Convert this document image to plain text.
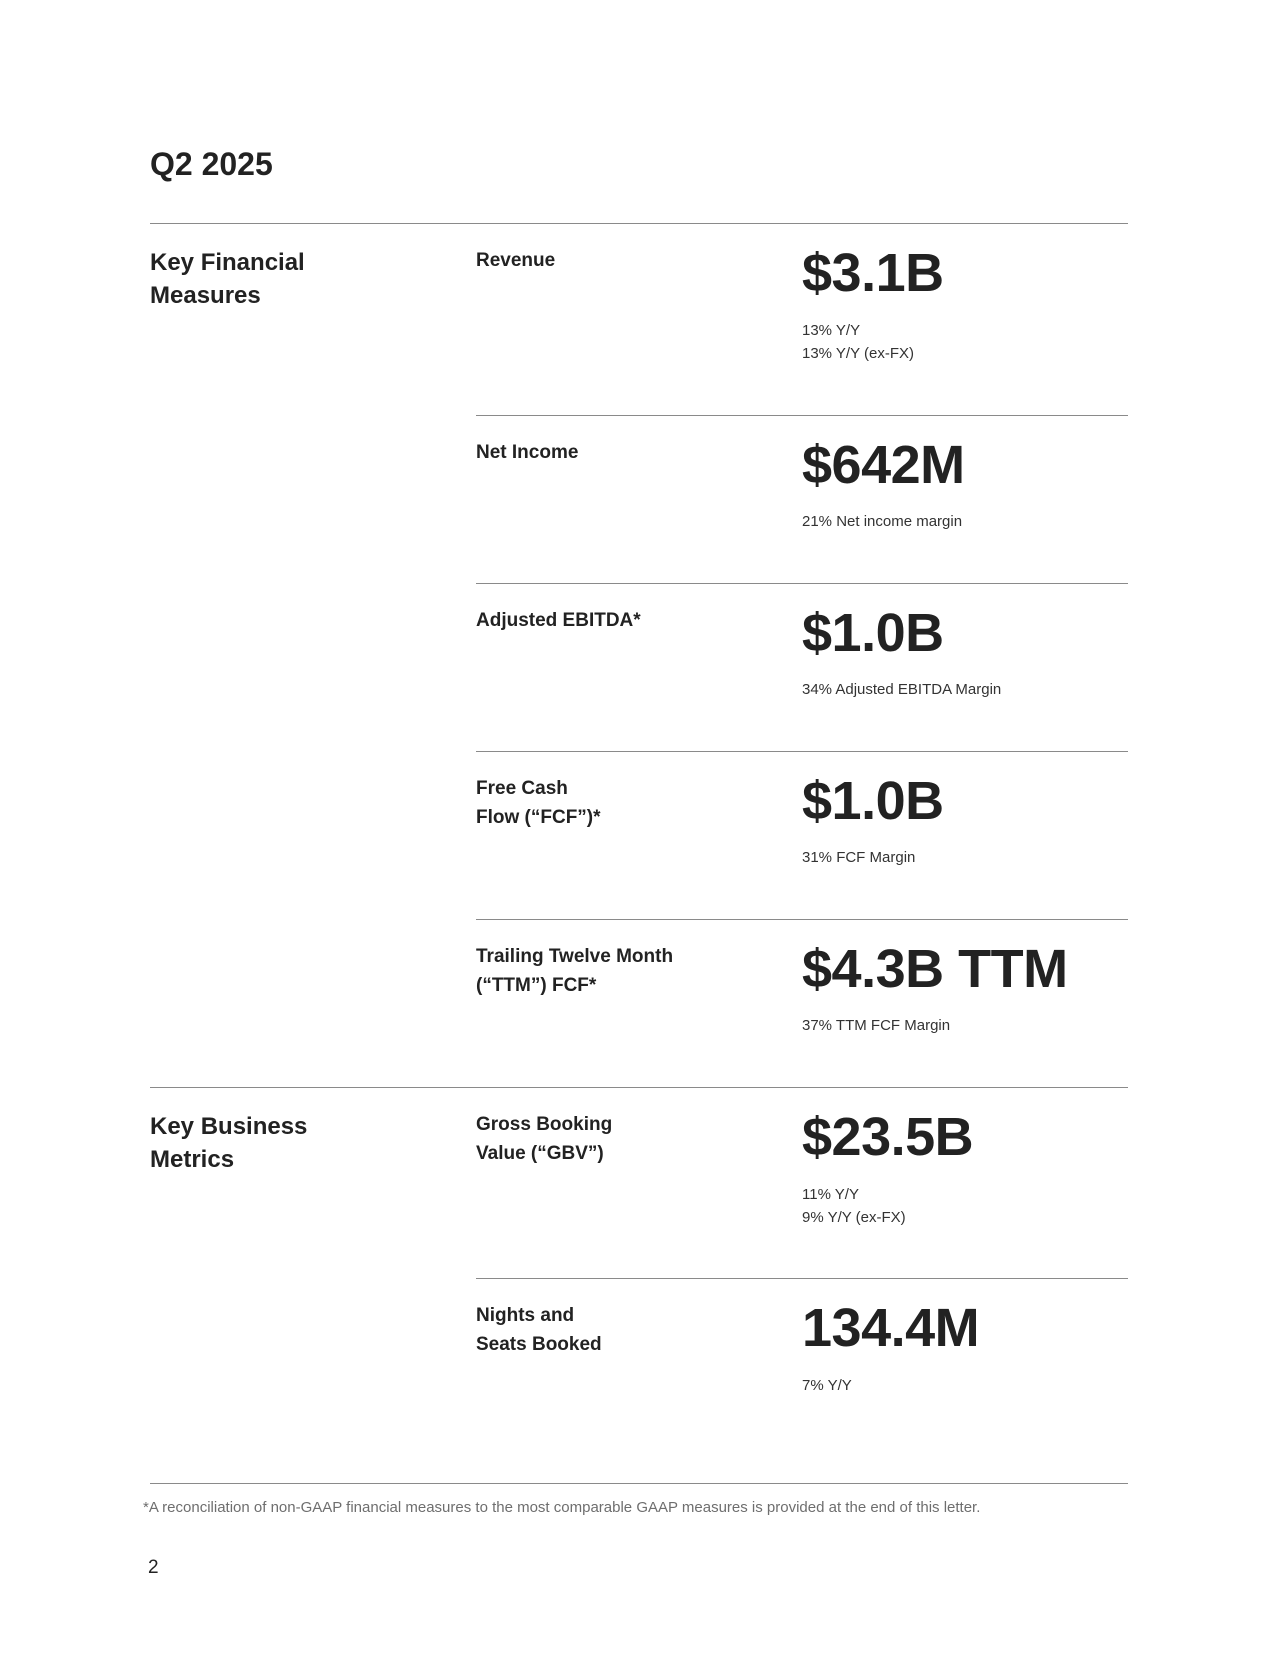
Q2 2025
Key Financial
Measures
Revenue	$3.1B
13% Y/Y
13% Y/Y (ex-FX)
Net Income	$642M
21% Net income margin
Adjusted EBITDA*	$1.0B
34% Adjusted EBITDA Margin
Free Cash
Flow (“FCF”)*	$1.0B
31% FCF Margin
Trailing Twelve Month
(“TTM”) FCF*	$4.3B TTM
37% TTM FCF Margin
Key Business
Metrics
Gross Booking
Value (“GBV”)	$23.5B
11% Y/Y
9% Y/Y (ex-FX)
Nights and
Seats Booked	134.4M
7% Y/Y
*A reconciliation of non-GAAP financial measures to the most comparable GAAP measures is provided at the end of this letter.
2
